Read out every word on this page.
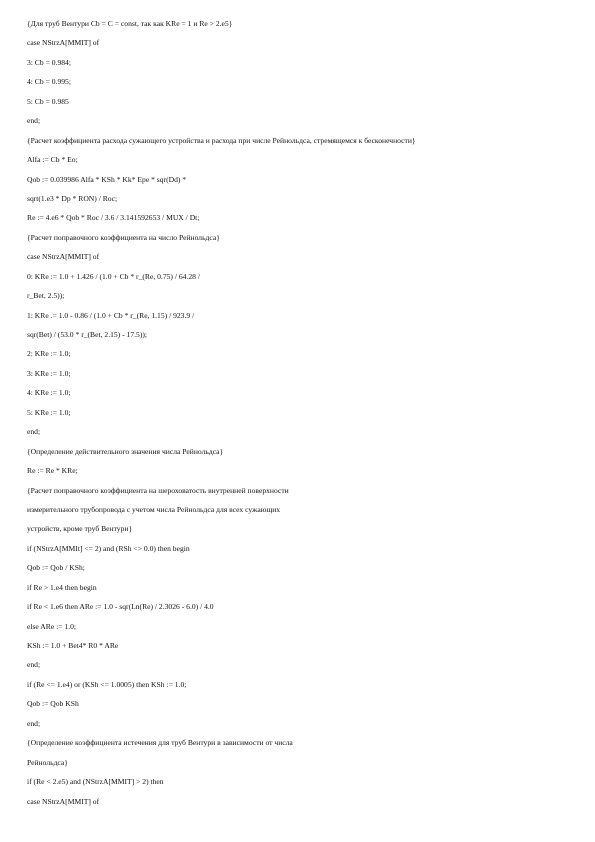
{Для труб Вентури Cb = C = const, так как KRe = 1 и Re > 2.e5}
case NStrzA[MMIT] of
3: Cb = 0.984;
4: Cb = 0.995;
5: Cb = 0.985
end;
{Расчет коэффициента расхода сужающего устройства и расхода при числе Рейнольдса, стремящемся к бесконечности}
Alfa := Cb * Eo;
Qob := 0.039986 Alfa * KSh * Kk* Epe * sqr(Dd) *
sqrt(1.e3 * Dp * RON) / Roc;
Re := 4.e6 * Qob * Roc / 3.6 / 3.141592653 / MUX / Dt;
{Расчет поправочного коэффициента на число Рейнольдса}
case NStrzA[MMIT] of
0: KRe := 1.0 + 1.426 / (1.0 + Cb * r_(Re, 0.75) / 64.28 /
r_Bet, 2.5));
1: KRe .= 1.0 - 0.86 / (1.0 + Cb * r_(Re, 1.15) / 923.9 /
sqr(Bet) / (53.0 * r_(Bet, 2.15) - 17.5));
2: KRe := 1.0;
3: KRe := 1.0;
4: KRe := 1.0;
5: KRe := 1.0;
end;
{Определение действительного значения числа Рейнольдса}
Re := Re * KRe;
{Расчет поправочного коэффициента на шероховатость внутренней поверхности
измерительного трубопровода с учетом числа Рейнольдса для всех сужающих
устройств, кроме труб Вентури}
if (NStrzA[MMIt] <= 2) and (RSh <> 0.0) then begin
Qob := Qob / KSh;
if Re > 1.e4 then begin
if Re < 1.e6 then ARe := 1.0 - sqr(Ln(Re) / 2.3026 - 6.0) / 4.0
else ARe := 1.0;
KSh := 1.0 + Bet4* R0 * ARe
end;
if (Re <= 1.e4) or (KSh <= 1.0005) then KSh := 1.0;
Qob := Qob KSh
end;
{Определение коэффициента истечения для труб Вентури в зависимости от числа
Рейнольдса}
if (Re < 2.e5) and (NStrzA[MMIT] > 2) then
case NStrzA[MMIT] of
